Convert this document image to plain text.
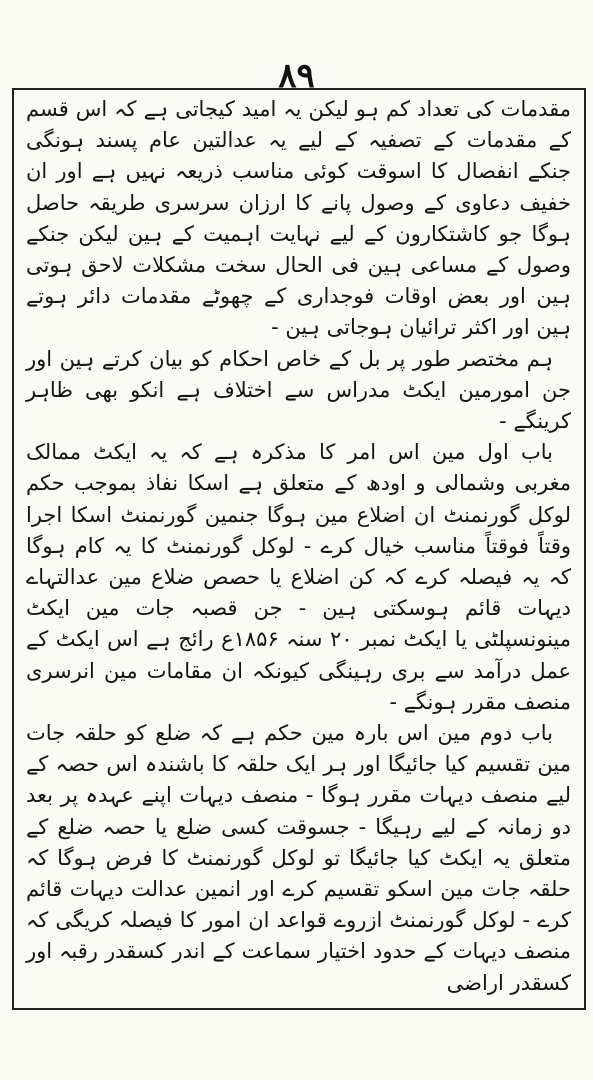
۸۹

مقدمات کی تعداد کم ہو لیکن یہ امید کیجاتی ہے کہ اس قسم کے مقدمات کے تصفیہ کے لیے یہ عدالتین عام پسند ہونگی جنکے انفصال کا اسوقت کوئی مناسب ذریعہ نہیں ہے اور ان خفیف دعاوی کے وصول پانے کا ارزان سرسری طریقہ حاصل ہوگا جو کاشتکارون کے لیے نہایت اہمیت کے ہین لیکن جنکے وصول کے مساعی ہین فی الحال سخت مشکلات لاحق ہوتی ہین اور بعض اوقات فوجداری کے چھوٹے مقدمات دائر ہوتے ہین اور اکثر ترائیان ہوجاتی ہین -

ہم مختصر طور پر بل کے خاص احکام کو بیان کرتے ہین اور جن امورمین ایکٹ مدراس سے اختلاف ہے انکو بھی ظاہر کرینگے -

باب اول مین اس امر کا مذکرہ ہے کہ یہ ایکٹ ممالک مغربی وشمالی و اودھ کے متعلق ہے اسکا نفاذ بموجب حکم لوکل گورنمنٹ ان اضلاع مین ہوگا جنمین گورنمنٹ اسکا اجرا وقتاً فوقتاً مناسب خیال کرے - لوکل گورنمنٹ کا یہ کام ہوگا کہ یہ فیصلہ کرے کہ کن اضلاع یا حصص ضلاع مین عدالتہاے دیہات قائم ہوسکتی ہین - جن قصبہ جات مین ایکٹ مینونسپلٹی یا ایکٹ نمبر ۲۰ سنہ ۱۸۵۶ع رائج ہے اس ایکٹ کے عمل درآمد سے بری رہینگی کیونکہ ان مقامات مین انرسری منصف مقرر ہونگے -

باب دوم مین اس بارہ مین حکم ہے کہ ضلع کو حلقہ جات مین تقسیم کیا جائیگا اور ہر ایک حلقہ کا باشندہ اس حصہ کے لیے منصف دیہات مقرر ہوگا - منصف دیہات اپنے عہدہ پر بعد دو زمانہ کے لیے رہیگا - جسوقت کسی ضلع یا حصہ ضلع کے متعلق یہ ایکٹ کیا جائیگا تو لوکل گورنمنٹ کا فرض ہوگا کہ حلقہ جات مین اسکو تقسیم کرے اور انمین عدالت دیہات قائم کرے - لوکل گورنمنٹ ازروے قواعد ان امور کا فیصلہ کریگی کہ منصف دیہات کے حدود اختیار سماعت کے اندر کسقدر رقبہ اور کسقدر اراضی
